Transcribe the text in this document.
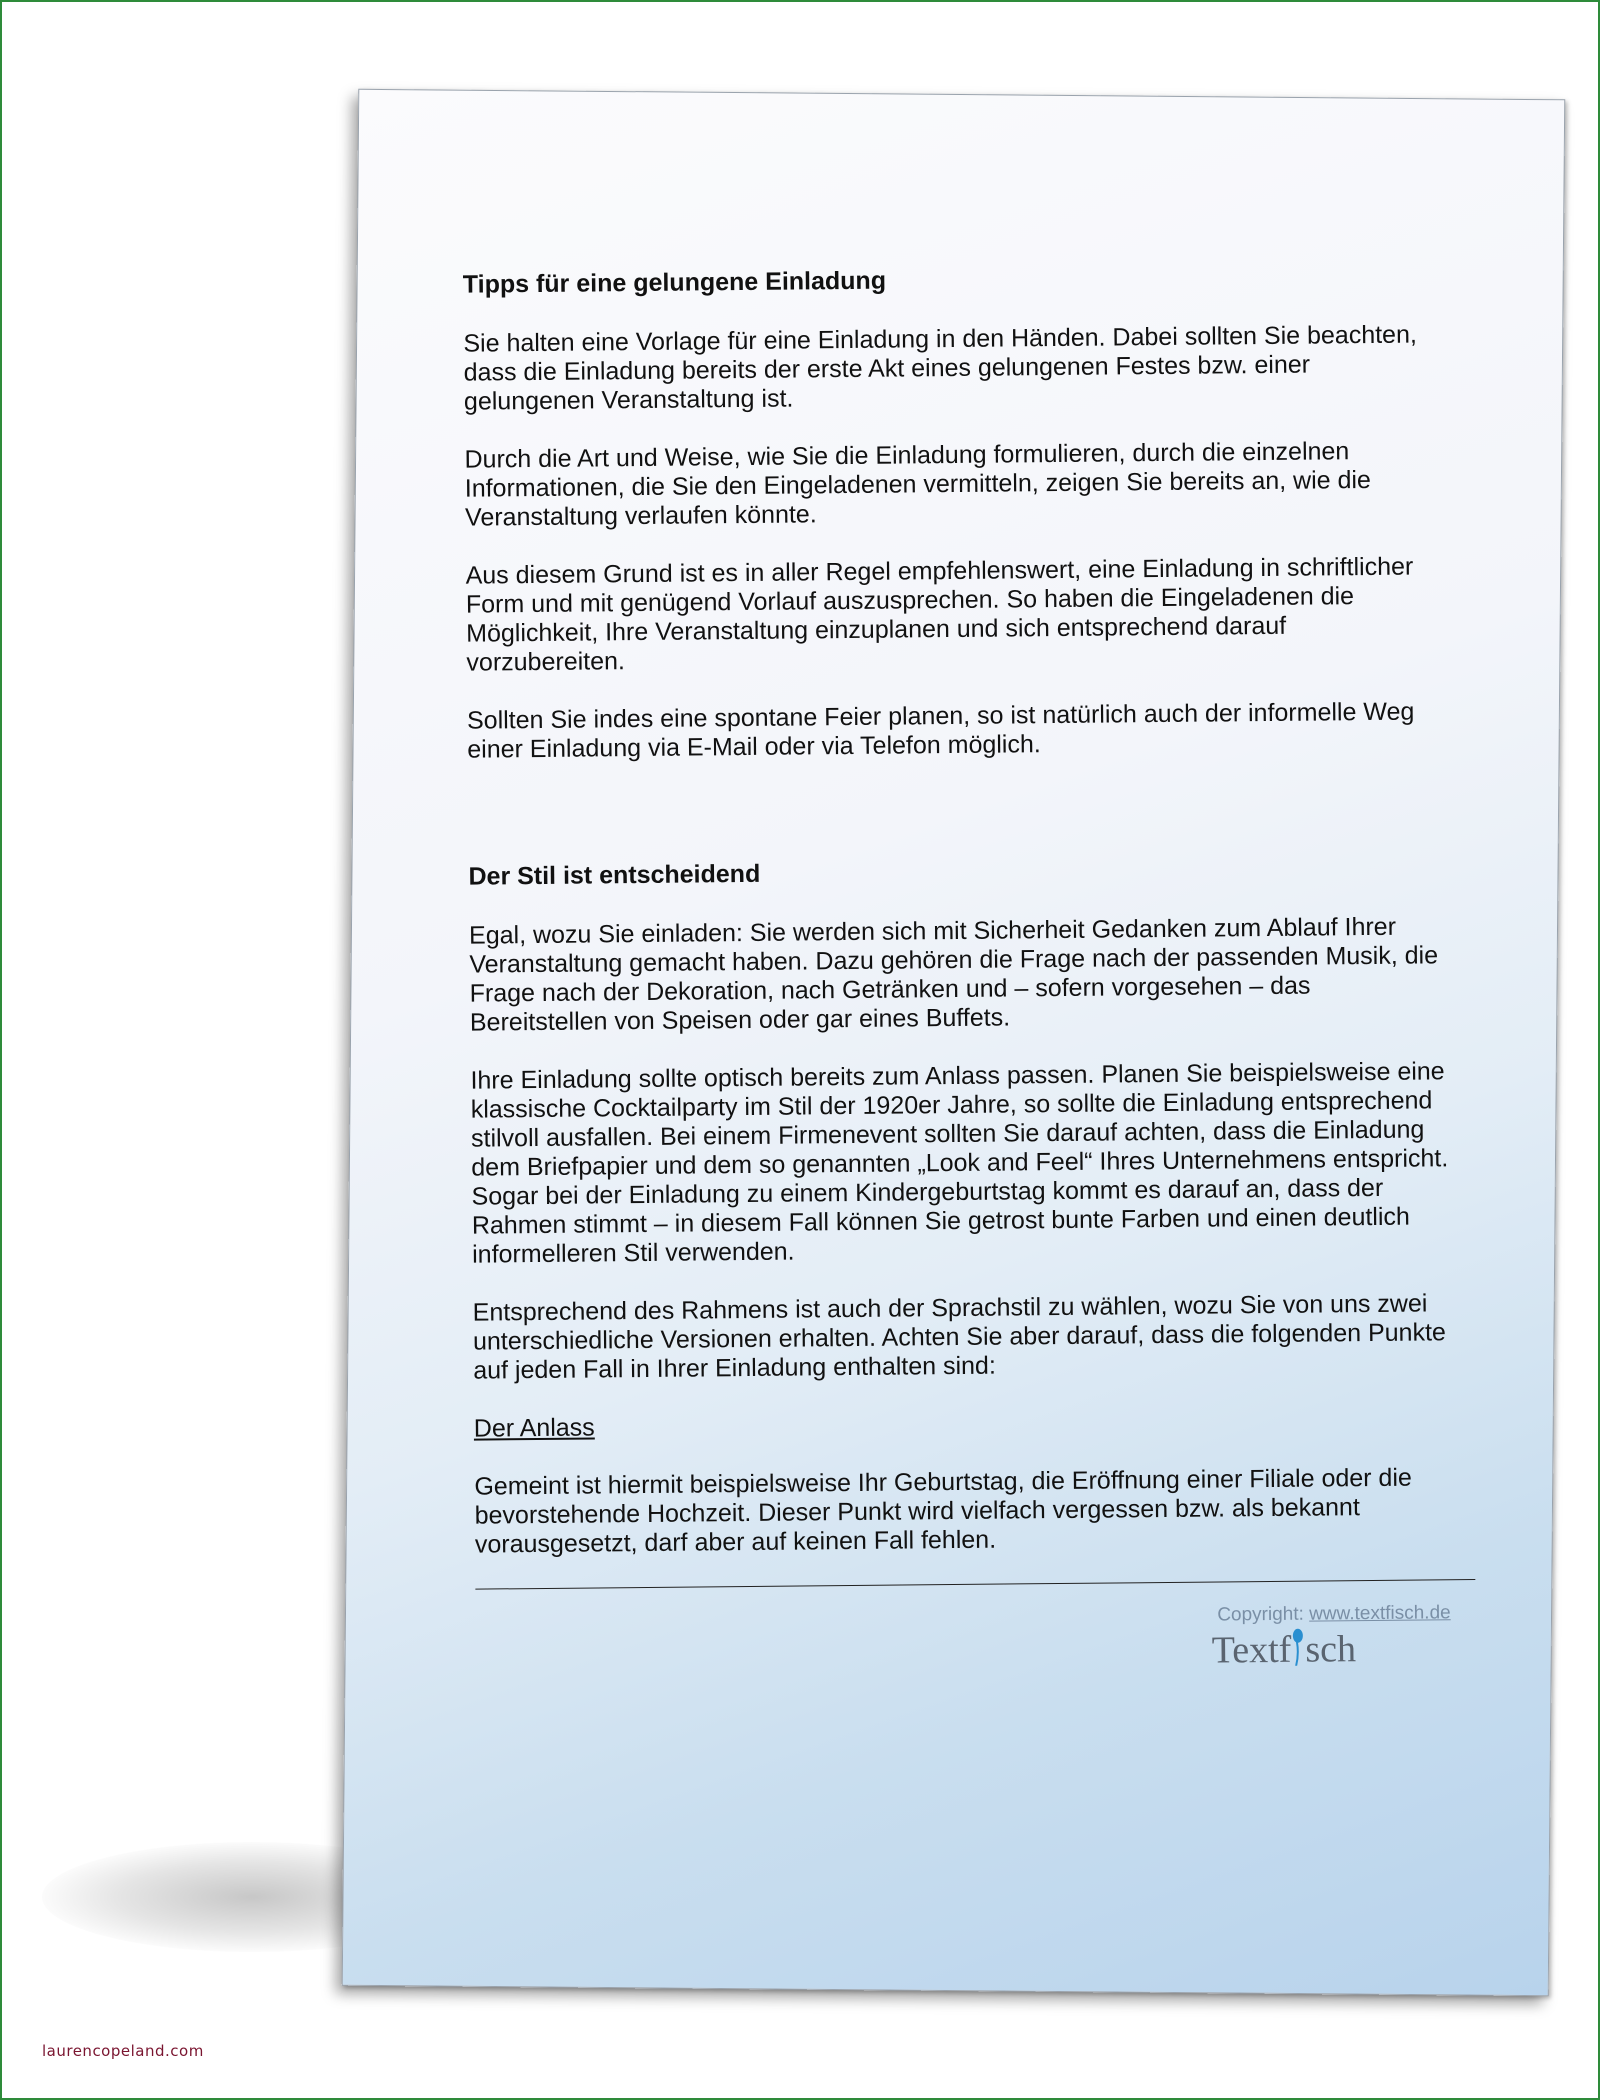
Tipps für eine gelungene Einladung

Sie halten eine Vorlage für eine Einladung in den Händen. Dabei sollten Sie beachten, dass die Einladung bereits der erste Akt eines gelungenen Festes bzw. einer gelungenen Veranstaltung ist.

Durch die Art und Weise, wie Sie die Einladung formulieren, durch die einzelnen Informationen, die Sie den Eingeladenen vermitteln, zeigen Sie bereits an, wie die Veranstaltung verlaufen könnte.

Aus diesem Grund ist es in aller Regel empfehlenswert, eine Einladung in schriftlicher Form und mit genügend Vorlauf auszusprechen. So haben die Eingeladenen die Möglichkeit, Ihre Veranstaltung einzuplanen und sich entsprechend darauf vorzubereiten.

Sollten Sie indes eine spontane Feier planen, so ist natürlich auch der informelle Weg einer Einladung via E-Mail oder via Telefon möglich.

Der Stil ist entscheidend

Egal, wozu Sie einladen: Sie werden sich mit Sicherheit Gedanken zum Ablauf Ihrer Veranstaltung gemacht haben. Dazu gehören die Frage nach der passenden Musik, die Frage nach der Dekoration, nach Getränken und – sofern vorgesehen – das Bereitstellen von Speisen oder gar eines Buffets.

Ihre Einladung sollte optisch bereits zum Anlass passen. Planen Sie beispielsweise eine klassische Cocktailparty im Stil der 1920er Jahre, so sollte die Einladung entsprechend stilvoll ausfallen. Bei einem Firmenevent sollten Sie darauf achten, dass die Einladung dem Briefpapier und dem so genannten „Look and Feel“ Ihres Unternehmens entspricht. Sogar bei der Einladung zu einem Kindergeburtstag kommt es darauf an, dass der Rahmen stimmt – in diesem Fall können Sie getrost bunte Farben und einen deutlich informelleren Stil verwenden.

Entsprechend des Rahmens ist auch der Sprachstil zu wählen, wozu Sie von uns zwei unterschiedliche Versionen erhalten. Achten Sie aber darauf, dass die folgenden Punkte auf jeden Fall in Ihrer Einladung enthalten sind:

Der Anlass

Gemeint ist hiermit beispielsweise Ihr Geburtstag, die Eröffnung einer Filiale oder die bevorstehende Hochzeit. Dieser Punkt wird vielfach vergessen bzw. als bekannt vorausgesetzt, darf aber auf keinen Fall fehlen.

Copyright: www.textfisch.de
Textf sch
laurencopeland.com
